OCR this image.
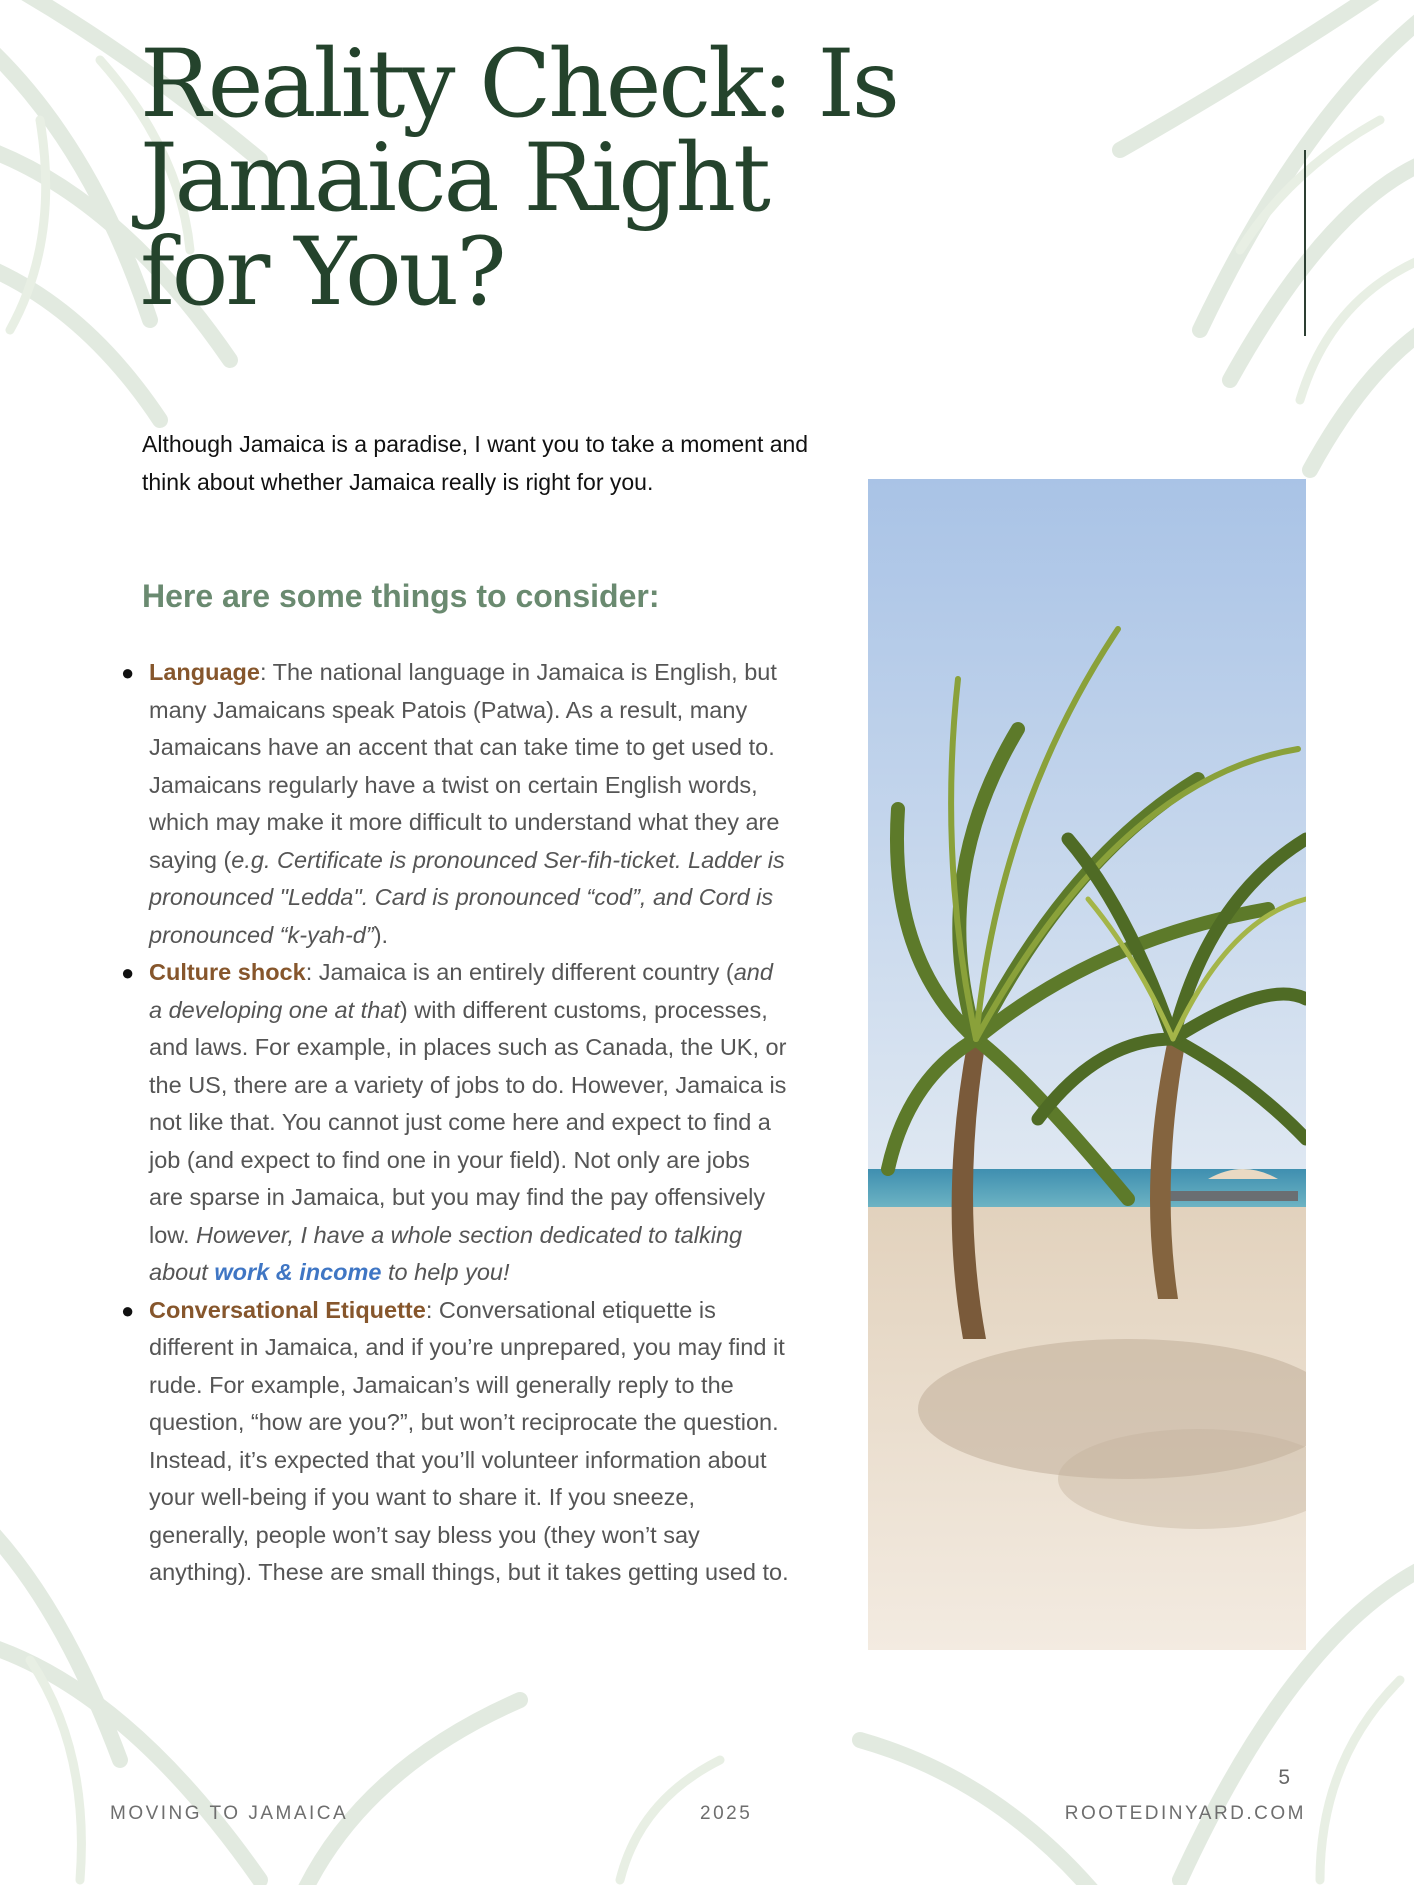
Reality Check: Is Jamaica Right for You?

Although Jamaica is a paradise, I want you to take a moment and think about whether Jamaica really is right for you.

Here are some things to consider:
● Language: The national language in Jamaica is English, but many Jamaicans speak Patois (Patwa). As a result, many Jamaicans have an accent that can take time to get used to. Jamaicans regularly have a twist on certain English words, which may make it more difficult to understand what they are saying (e.g. Certificate is pronounced Ser-fih-ticket. Ladder is pronounced "Ledda". Card is pronounced “cod”, and Cord is pronounced “k-yah-d”).
● Culture shock: Jamaica is an entirely different country (and a developing one at that) with different customs, processes, and laws. For example, in places such as Canada, the UK, or the US, there are a variety of jobs to do. However, Jamaica is not like that. You cannot just come here and expect to find a job (and expect to find one in your field). Not only are jobs are sparse in Jamaica, but you may find the pay offensively low. However, I have a whole section dedicated to talking about work & income to help you!
● Conversational Etiquette: Conversational etiquette is different in Jamaica, and if you’re unprepared, you may find it rude. For example, Jamaican’s will generally reply to the question, “how are you?”, but won’t reciprocate the question. Instead, it’s expected that you’ll volunteer information about your well-being if you want to share it. If you sneeze, generally, people won’t say bless you (they won’t say anything). These are small things, but it takes getting used to.
5
MOVING TO JAMAICA	2025	ROOTEDINYARD.COM
